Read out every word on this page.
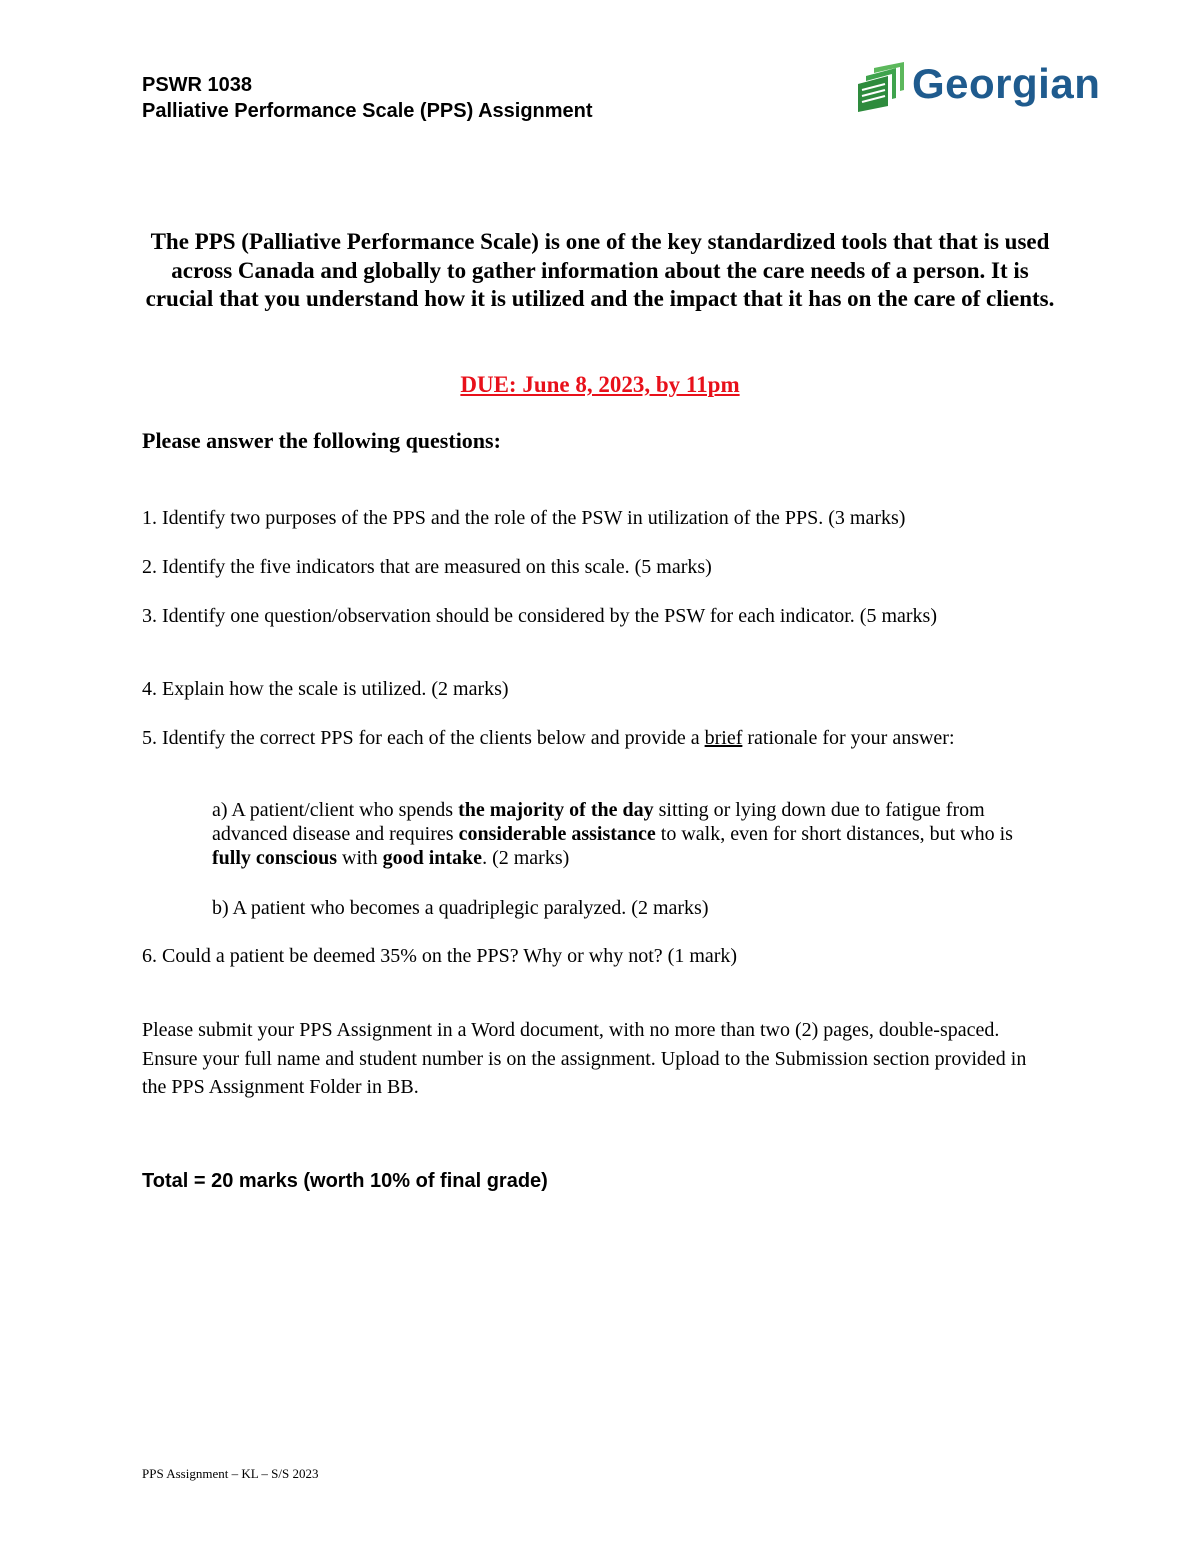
PSWR 1038
Palliative Performance Scale (PPS) Assignment
Georgian
The PPS (Palliative Performance Scale) is one of the key standardized tools that that is used across Canada and globally to gather information about the care needs of a person. It is crucial that you understand how it is utilized and the impact that it has on the care of clients.
DUE: June 8, 2023, by 11pm
Please answer the following questions:
1. Identify two purposes of the PPS and the role of the PSW in utilization of the PPS. (3 marks)
2. Identify the five indicators that are measured on this scale. (5 marks)
3. Identify one question/observation should be considered by the PSW for each indicator. (5 marks)
4. Explain how the scale is utilized. (2 marks)
5. Identify the correct PPS for each of the clients below and provide a brief rationale for your answer:
a) A patient/client who spends the majority of the day sitting or lying down due to fatigue from advanced disease and requires considerable assistance to walk, even for short distances, but who is fully conscious with good intake. (2 marks)
b) A patient who becomes a quadriplegic paralyzed. (2 marks)
6. Could a patient be deemed 35% on the PPS? Why or why not? (1 mark)
Please submit your PPS Assignment in a Word document, with no more than two (2) pages, double-spaced. Ensure your full name and student number is on the assignment. Upload to the Submission section provided in the PPS Assignment Folder in BB.
Total = 20 marks (worth 10% of final grade)
PPS Assignment – KL – S/S 2023
